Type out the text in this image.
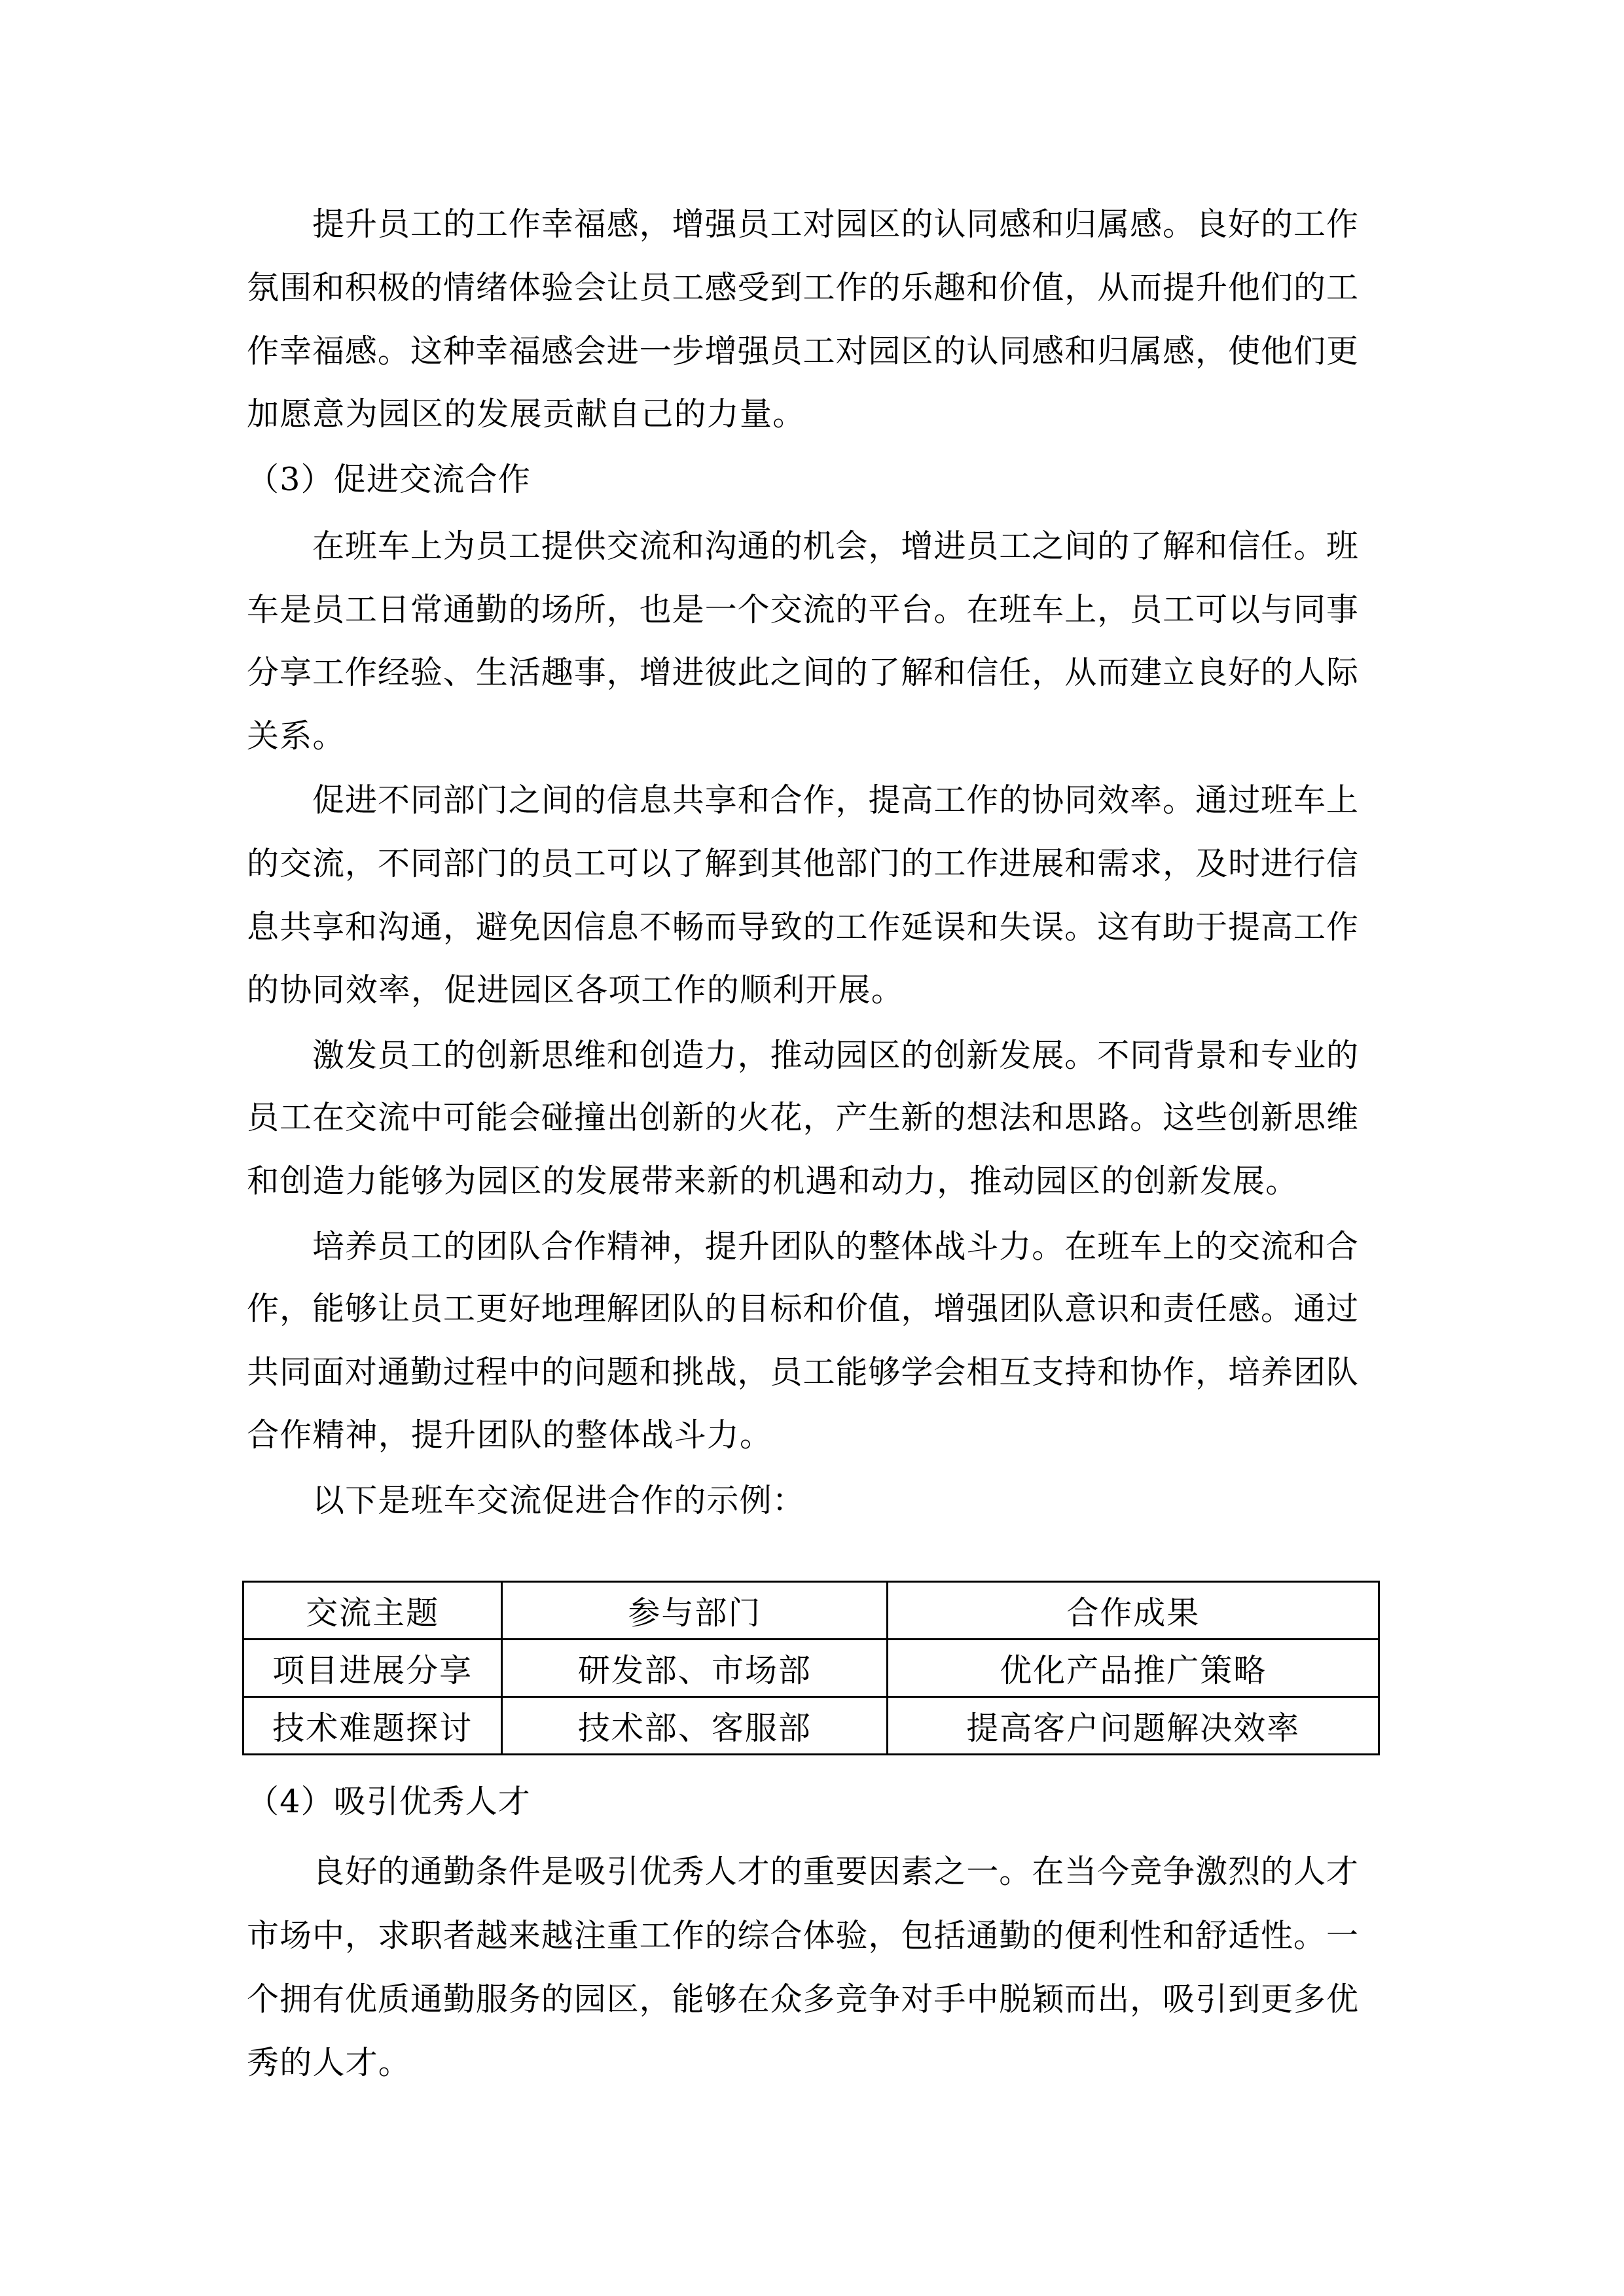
提升员工的工作幸福感，增强员工对园区的认同感和归属感。良好的工作
氛围和积极的情绪体验会让员工感受到工作的乐趣和价值，从而提升他们的工
作幸福感。这种幸福感会进一步增强员工对园区的认同感和归属感，使他们更
加愿意为园区的发展贡献自己的力量。
（3）促进交流合作
在班车上为员工提供交流和沟通的机会，增进员工之间的了解和信任。班
车是员工日常通勤的场所，也是一个交流的平台。在班车上，员工可以与同事
分享工作经验、生活趣事，增进彼此之间的了解和信任，从而建立良好的人际
关系。
促进不同部门之间的信息共享和合作，提高工作的协同效率。通过班车上
的交流，不同部门的员工可以了解到其他部门的工作进展和需求，及时进行信
息共享和沟通，避免因信息不畅而导致的工作延误和失误。这有助于提高工作
的协同效率，促进园区各项工作的顺利开展。
激发员工的创新思维和创造力，推动园区的创新发展。不同背景和专业的
员工在交流中可能会碰撞出创新的火花，产生新的想法和思路。这些创新思维
和创造力能够为园区的发展带来新的机遇和动力，推动园区的创新发展。
培养员工的团队合作精神，提升团队的整体战斗力。在班车上的交流和合
作，能够让员工更好地理解团队的目标和价值，增强团队意识和责任感。通过
共同面对通勤过程中的问题和挑战，员工能够学会相互支持和协作，培养团队
合作精神，提升团队的整体战斗力。
以下是班车交流促进合作的示例：
交流主题	参与部门	合作成果
项目进展分享	研发部、市场部	优化产品推广策略
技术难题探讨	技术部、客服部	提高客户问题解决效率
（4）吸引优秀人才
良好的通勤条件是吸引优秀人才的重要因素之一。在当今竞争激烈的人才
市场中，求职者越来越注重工作的综合体验，包括通勤的便利性和舒适性。一
个拥有优质通勤服务的园区，能够在众多竞争对手中脱颖而出，吸引到更多优
秀的人才。
